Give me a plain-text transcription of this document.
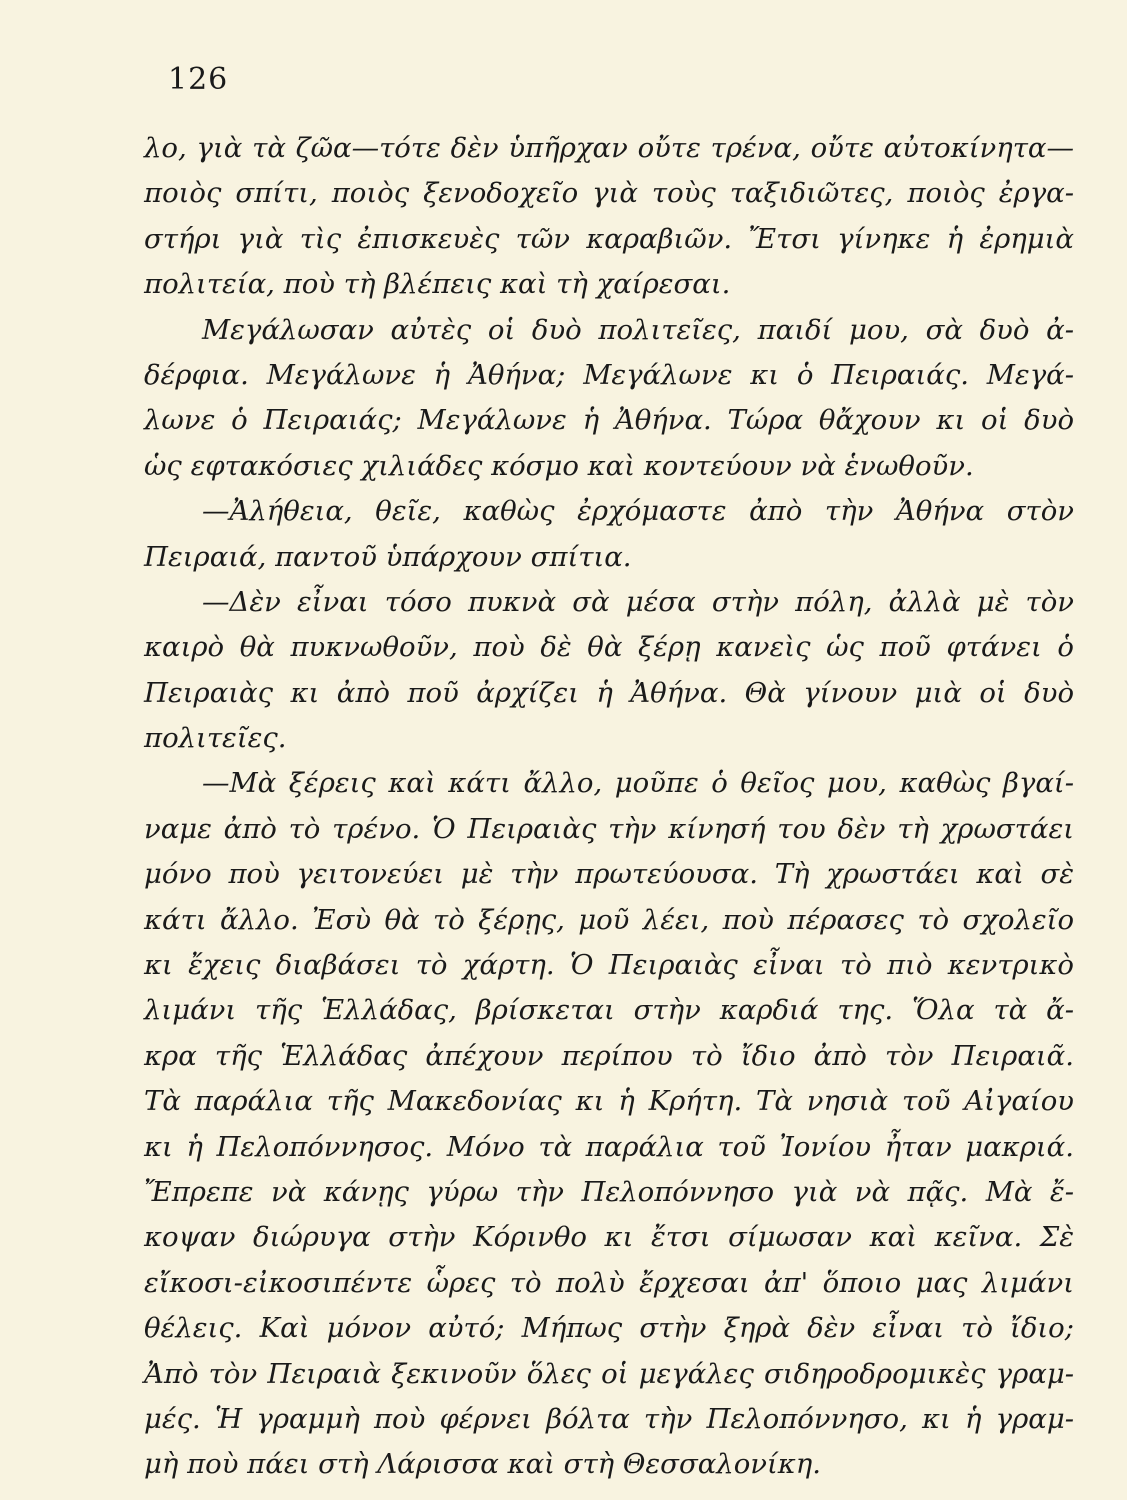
126
λο, γιὰ τὰ ζῶα—τότε δὲν ὑπῆρχαν οὔτε τρένα, οὔτε αὐτοκίνητα—
ποιὸς σπίτι, ποιὸς ξενοδοχεῖο γιὰ τοὺς ταξιδιῶτες, ποιὸς ἐργα-
στήρι γιὰ τὶς ἐπισκευὲς τῶν καραβιῶν. Ἔτσι γίνηκε ἡ ἐρημιὰ
πολιτεία, ποὺ τὴ βλέπεις καὶ τὴ χαίρεσαι.
Μεγάλωσαν αὐτὲς οἱ δυὸ πολιτεῖες, παιδί μου, σὰ δυὸ ἀ-
δέρφια. Μεγάλωνε ἡ Ἀθήνα; Μεγάλωνε κι ὁ Πειραιάς. Μεγά-
λωνε ὁ Πειραιάς; Μεγάλωνε ἡ Ἀθήνα. Τώρα θἄχουν κι οἱ δυὸ
ὡς εφτακόσιες χιλιάδες κόσμο καὶ κοντεύουν νὰ ἑνωθοῦν.
—Ἀλήθεια, θεῖε, καθὼς ἐρχόμαστε ἀπὸ τὴν Ἀθήνα στὸν
Πειραιά, παντοῦ ὑπάρχουν σπίτια.
—Δὲν εἶναι τόσο πυκνὰ σὰ μέσα στὴν πόλη, ἀλλὰ μὲ τὸν
καιρὸ θὰ πυκνωθοῦν, ποὺ δὲ θὰ ξέρῃ κανεὶς ὡς ποῦ φτάνει ὁ
Πειραιὰς κι ἀπὸ ποῦ ἀρχίζει ἡ Ἀθήνα. Θὰ γίνουν μιὰ οἱ δυὸ
πολιτεῖες.
—Μὰ ξέρεις καὶ κάτι ἄλλο, μοῦπε ὁ θεῖος μου, καθὼς βγαί-
ναμε ἀπὸ τὸ τρένο. Ὁ Πειραιὰς τὴν κίνησή του δὲν τὴ χρωστάει
μόνο ποὺ γειτονεύει μὲ τὴν πρωτεύουσα. Τὴ χρωστάει καὶ σὲ
κάτι ἄλλο. Ἐσὺ θὰ τὸ ξέρῃς, μοῦ λέει, ποὺ πέρασες τὸ σχολεῖο
κι ἔχεις διαβάσει τὸ χάρτη. Ὁ Πειραιὰς εἶναι τὸ πιὸ κεντρικὸ
λιμάνι τῆς Ἑλλάδας, βρίσκεται στὴν καρδιά της. Ὅλα τὰ ἄ-
κρα τῆς Ἑλλάδας ἀπέχουν περίπου τὸ ἴδιο ἀπὸ τὸν Πειραιᾶ.
Τὰ παράλια τῆς Μακεδονίας κι ἡ Κρήτη. Τὰ νησιὰ τοῦ Αἰγαίου
κι ἡ Πελοπόννησος. Μόνο τὰ παράλια τοῦ Ἰονίου ἦταν μακριά.
Ἔπρεπε νὰ κάνῃς γύρω τὴν Πελοπόννησο γιὰ νὰ πᾷς. Μὰ ἔ-
κοψαν διώρυγα στὴν Κόρινθο κι ἔτσι σίμωσαν καὶ κεῖνα. Σὲ
εἴκοσι-εἰκοσιπέντε ὧρες τὸ πολὺ ἔρχεσαι ἀπ' ὅποιο μας λιμάνι
θέλεις. Καὶ μόνον αὐτό; Μήπως στὴν ξηρὰ δὲν εἶναι τὸ ἴδιο;
Ἀπὸ τὸν Πειραιὰ ξεκινοῦν ὅλες οἱ μεγάλες σιδηροδρομικὲς γραμ-
μές. Ἡ γραμμὴ ποὺ φέρνει βόλτα τὴν Πελοπόννησο, κι ἡ γραμ-
μὴ ποὺ πάει στὴ Λάρισσα καὶ στὴ Θεσσαλονίκη.
